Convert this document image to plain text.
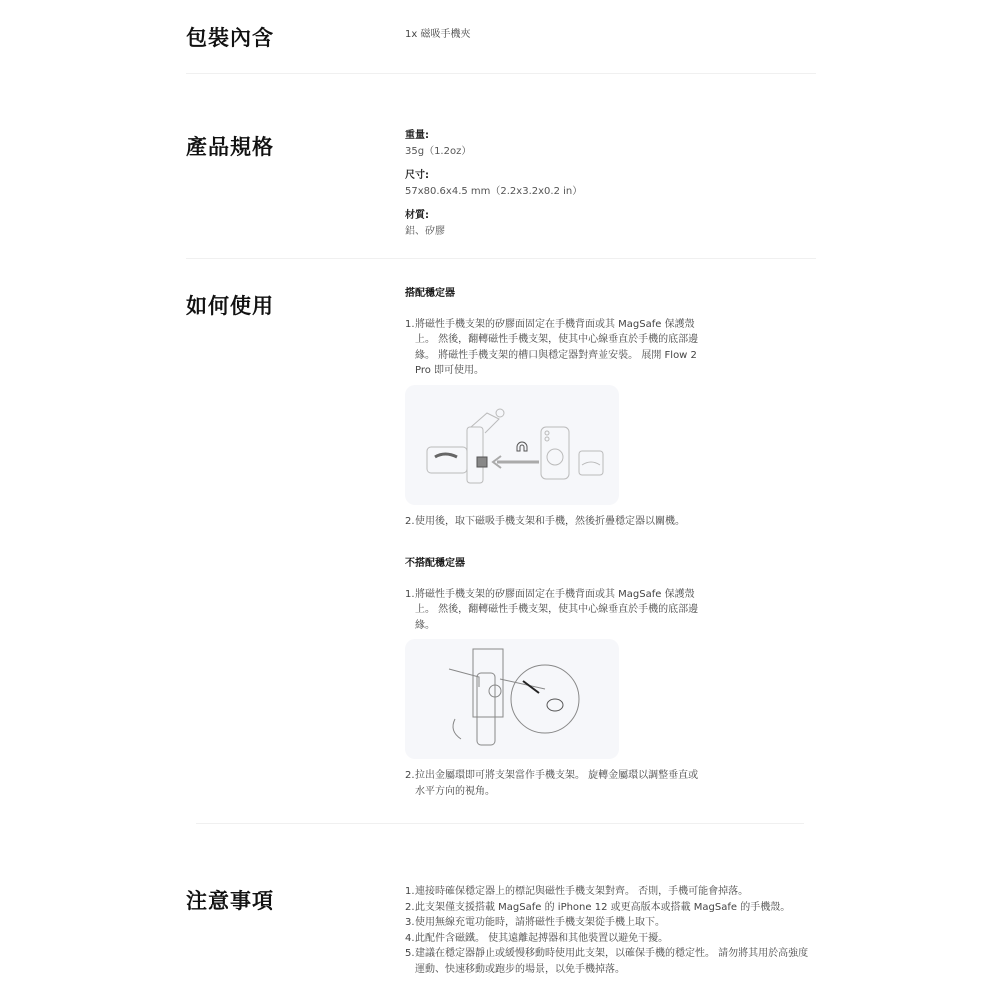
包裝內含	1x 磁吸手機夾
產品規格	重量:
35g（1.2oz）
尺寸:
57x80.6x4.5 mm（2.2x3.2x0.2 in）
材質:
鋁、矽膠
如何使用
搭配穩定器
1. 將磁性手機支架的矽膠面固定在手機背面或其 MagSafe 保護殼上。 然後，翻轉磁性手機支架，使其中心線垂直於手機的底部邊緣。 將磁性手機支架的槽口與穩定器對齊並安裝。 展開 Flow 2 Pro 即可使用。
2. 使用後，取下磁吸手機支架和手機，然後折疊穩定器以關機。
不搭配穩定器
1. 將磁性手機支架的矽膠面固定在手機背面或其 MagSafe 保護殼上。 然後，翻轉磁性手機支架，使其中心線垂直於手機的底部邊緣。
2. 拉出金屬環即可將支架當作手機支架。 旋轉金屬環以調整垂直或水平方向的視角。
注意事項	1. 連接時確保穩定器上的標記與磁性手機支架對齊。 否則，手機可能會掉落。
2. 此支架僅支援搭載 MagSafe 的 iPhone 12 或更高版本或搭載 MagSafe 的手機殼。
3. 使用無線充電功能時，請將磁性手機支架從手機上取下。
4. 此配件含磁鐵。 使其遠離起搏器和其他裝置以避免干擾。
5. 建議在穩定器靜止或緩慢移動時使用此支架，以確保手機的穩定性。 請勿將其用於高強度運動、快速移動或跑步的場景，以免手機掉落。
